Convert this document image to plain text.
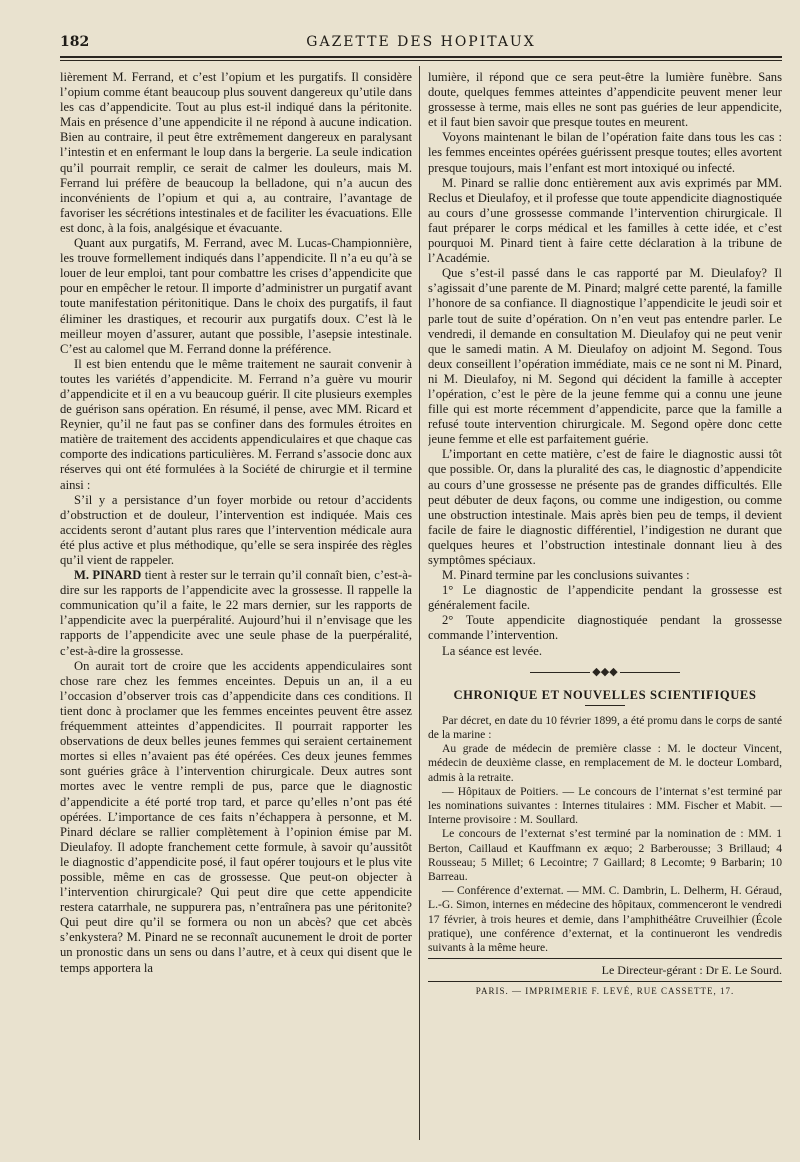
182	GAZETTE DES HOPITAUX

lièrement M. Ferrand, et c’est l’opium et les purgatifs. Il considère l’opium comme étant beaucoup plus souvent dangereux qu’utile dans les cas d’appendicite. Tout au plus est-il indiqué dans la péritonite. Mais en présence d’une appendicite il ne répond à aucune indication. Bien au contraire, il peut être extrêmement dangereux en paralysant l’intestin et en enfermant le loup dans la bergerie. La seule indication qu’il pourrait remplir, ce serait de calmer les douleurs, mais M. Ferrand lui préfère de beaucoup la belladone, qui n’a aucun des inconvénients de l’opium et qui a, au contraire, l’avantage de favoriser les sécrétions intestinales et de faciliter les évacuations. Elle est donc, à la fois, analgésique et évacuante.

Quant aux purgatifs, M. Ferrand, avec M. Lucas-Championnière, les trouve formellement indiqués dans l’appendicite. Il n’a eu qu’à se louer de leur emploi, tant pour combattre les crises d’appendicite que pour en empêcher le retour. Il importe d’administrer un purgatif avant toute manifestation péritonitique. Dans le choix des purgatifs, il faut éliminer les drastiques, et recourir aux purgatifs doux. C’est là le meilleur moyen d’assurer, autant que possible, l’asepsie intestinale. C’est au calomel que M. Ferrand donne la préférence.

Il est bien entendu que le même traitement ne saurait convenir à toutes les variétés d’appendicite. M. Ferrand n’a guère vu mourir d’appendicite et il en a vu beaucoup guérir. Il cite plusieurs exemples de guérison sans opération. En résumé, il pense, avec MM. Ricard et Reynier, qu’il ne faut pas se confiner dans des formules étroites en matière de traitement des accidents appendiculaires et que chaque cas comporte des indications particulières. M. Ferrand s’associe donc aux réserves qui ont été formulées à la Société de chirurgie et il termine ainsi :

S’il y a persistance d’un foyer morbide ou retour d’accidents d’obstruction et de douleur, l’intervention est indiquée. Mais ces accidents seront d’autant plus rares que l’intervention médicale aura été plus active et plus méthodique, qu’elle se sera inspirée des règles qu’il vient de rappeler.

M. PINARD tient à rester sur le terrain qu’il connaît bien, c’est-à-dire sur les rapports de l’appendicite avec la grossesse. Il rappelle la communication qu’il a faite, le 22 mars dernier, sur les rapports de l’appendicite avec la puerpéralité. Aujourd’hui il n’envisage que les rapports de l’appendicite avec une seule phase de la puerpéralité, c’est-à-dire la grossesse.

On aurait tort de croire que les accidents appendiculaires sont chose rare chez les femmes enceintes. Depuis un an, il a eu l’occasion d’observer trois cas d’appendicite dans ces conditions. Il tient donc à proclamer que les femmes enceintes peuvent être assez fréquemment atteintes d’appendicites. Il pourrait rapporter les observations de deux belles jeunes femmes qui seraient certainement mortes si elles n’avaient pas été opérées. Ces deux jeunes femmes sont guéries grâce à l’intervention chirurgicale. Deux autres sont mortes avec le ventre rempli de pus, parce que le diagnostic d’appendicite a été porté trop tard, et parce qu’elles n’ont pas été opérées. L’importance de ces faits n’échappera à personne, et M. Pinard déclare se rallier complètement à l’opinion émise par M. Dieulafoy. Il adopte franchement cette formule, à savoir qu’aussitôt le diagnostic d’appendicite posé, il faut opérer toujours et le plus vite possible, même en cas de grossesse. Que peut-on objecter à l’intervention chirurgicale? Qui peut dire que cette appendicite restera catarrhale, ne suppurera pas, n’entraînera pas une péritonite? Qui peut dire qu’il se formera ou non un abcès? que cet abcès s’enkystera? M. Pinard ne se reconnaît aucunement le droit de porter un pronostic dans un sens ou dans l’autre, et à ceux qui disent que le temps apportera la

lumière, il répond que ce sera peut-être la lumière funèbre. Sans doute, quelques femmes atteintes d’appendicite peuvent mener leur grossesse à terme, mais elles ne sont pas guéries de leur appendicite, et il faut bien savoir que presque toutes en meurent.

Voyons maintenant le bilan de l’opération faite dans tous les cas : les femmes enceintes opérées guérissent presque toutes; elles avortent presque toujours, mais l’enfant est mort intoxiqué ou infecté.

M. Pinard se rallie donc entièrement aux avis exprimés par MM. Reclus et Dieulafoy, et il professe que toute appendicite diagnostiquée au cours d’une grossesse commande l’intervention chirurgicale. Il faut préparer le corps médical et les familles à cette idée, et c’est pourquoi M. Pinard tient à faire cette déclaration à la tribune de l’Académie.

Que s’est-il passé dans le cas rapporté par M. Dieulafoy? Il s’agissait d’une parente de M. Pinard; malgré cette parenté, la famille l’honore de sa confiance. Il diagnostique l’appendicite le jeudi soir et parle tout de suite d’opération. On n’en veut pas entendre parler. Le vendredi, il demande en consultation M. Dieulafoy qui ne peut venir que le samedi matin. A M. Dieulafoy on adjoint M. Segond. Tous deux conseillent l’opération immédiate, mais ce ne sont ni M. Pinard, ni M. Dieulafoy, ni M. Segond qui décident la famille à accepter l’opération, c’est le père de la jeune femme qui a connu une jeune fille qui est morte récemment d’appendicite, parce que la famille a refusé toute intervention chirurgicale. M. Segond opère donc cette jeune femme et elle est parfaitement guérie.

L’important en cette matière, c’est de faire le diagnostic aussi tôt que possible. Or, dans la pluralité des cas, le diagnostic d’appendicite au cours d’une grossesse ne présente pas de grandes difficultés. Elle peut débuter de deux façons, ou comme une indigestion, ou comme une obstruction intestinale. Mais après bien peu de temps, il devient facile de faire le diagnostic différentiel, l’indigestion ne durant que quelques heures et l’obstruction intestinale donnant lieu à des symptômes spéciaux.

M. Pinard termine par les conclusions suivantes :

1° Le diagnostic de l’appendicite pendant la grossesse est généralement facile.

2° Toute appendicite diagnostiquée pendant la grossesse commande l’intervention.

La séance est levée.

◆◆◆
CHRONIQUE ET NOUVELLES SCIENTIFIQUES

Par décret, en date du 10 février 1899, a été promu dans le corps de santé de la marine :

Au grade de médecin de première classe : M. le docteur Vincent, médecin de deuxième classe, en remplacement de M. le docteur Lombard, admis à la retraite.

— Hôpitaux de Poitiers. — Le concours de l’internat s’est terminé par les nominations suivantes : Internes titulaires : MM. Fischer et Mabit. — Interne provisoire : M. Soullard.

Le concours de l’externat s’est terminé par la nomination de : MM. 1 Berton, Caillaud et Kauffmann ex æquo; 2 Barberousse; 3 Brillaud; 4 Rousseau; 5 Millet; 6 Lecointre; 7 Gaillard; 8 Lecomte; 9 Barbarin; 10 Barreau.

— Conférence d’externat. — MM. C. Dambrin, L. Delherm, H. Géraud, L.-G. Simon, internes en médecine des hôpitaux, commenceront le vendredi 17 février, à trois heures et demie, dans l’amphithéâtre Cruveilhier (École pratique), une conférence d’externat, et la continueront les vendredis suivants à la même heure.

Le Directeur-gérant : Dr E. Le Sourd.
PARIS. — IMPRIMERIE F. LEVÉ, RUE CASSETTE, 17.
